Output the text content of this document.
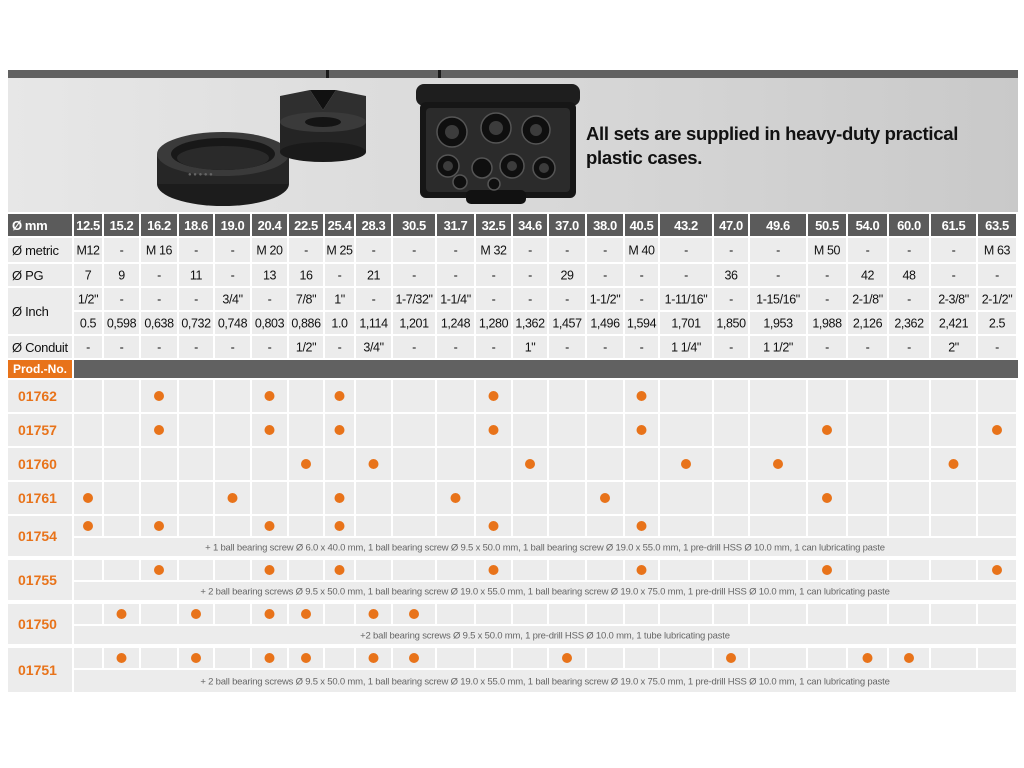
● ● ● ● ●
All sets are supplied in heavy-duty practical plastic cases.
Ø mm 12.5 15.2 16.2 18.6 19.0 20.4 22.5 25.4 28.3 30.5 31.7 32.5 34.6 37.0 38.0 40.5 43.2 47.0 49.6 50.5 54.0 60.0 61.5 63.5
Ø metric M12 - M 16 -	- M 20 - M 25 -	-	- M 32 -	-	- M 40 -	-	-	M 50 -	-	- M 63
Ø PG	7 9	- 11 - 13 16 - 21	-	-	-	- 29 -	-	-	36	-	-	42 48	-	-
Ø Inch
1/2" -	-	- 3/4" - 7/8" 1" - 1-7/32" 1-1/4" -	-	- 1-1/2" - 1-11/16" - 1-15/16" - 2-1/8" - 2-3/8" 2-1/2"
0.5 0,598 0,638 0,732 0,748 0,803 0,886 1.0 1,114 1,201 1,248 1,280 1,362 1,457 1,496 1,594 1,701 1,850 1,953 1,988 2,126 2,362 2,421 2.5
Ø Conduit - -	-	-	-	- 1/2" - 3/4" -	-	- 1" -	-	- 1 1/4" - 1 1/2"	-	-	-	2"	-
Prod.-No.
01762
01757
01760
01761
01754
+ 1 ball bearing screw Ø 6.0 x 40.0 mm, 1 ball bearing screw Ø 9.5 x 50.0 mm, 1 ball bearing screw Ø 19.0 x 55.0 mm, 1 pre-drill HSS Ø 10.0 mm, 1 can lubricating paste
01755
+ 2 ball bearing screws Ø 9.5 x 50.0 mm, 1 ball bearing screw Ø 19.0 x 55.0 mm, 1 ball bearing screw Ø 19.0 x 75.0 mm, 1 pre-drill HSS Ø 10.0 mm, 1 can lubricating paste
01750
+2 ball bearing screws Ø 9.5 x 50.0 mm, 1 pre-drill HSS Ø 10.0 mm, 1 tube lubricating paste
01751
+ 2 ball bearing screws Ø 9.5 x 50.0 mm, 1 ball bearing screw Ø 19.0 x 55.0 mm, 1 ball bearing screw Ø 19.0 x 75.0 mm, 1 pre-drill HSS Ø 10.0 mm, 1 can lubricating paste
